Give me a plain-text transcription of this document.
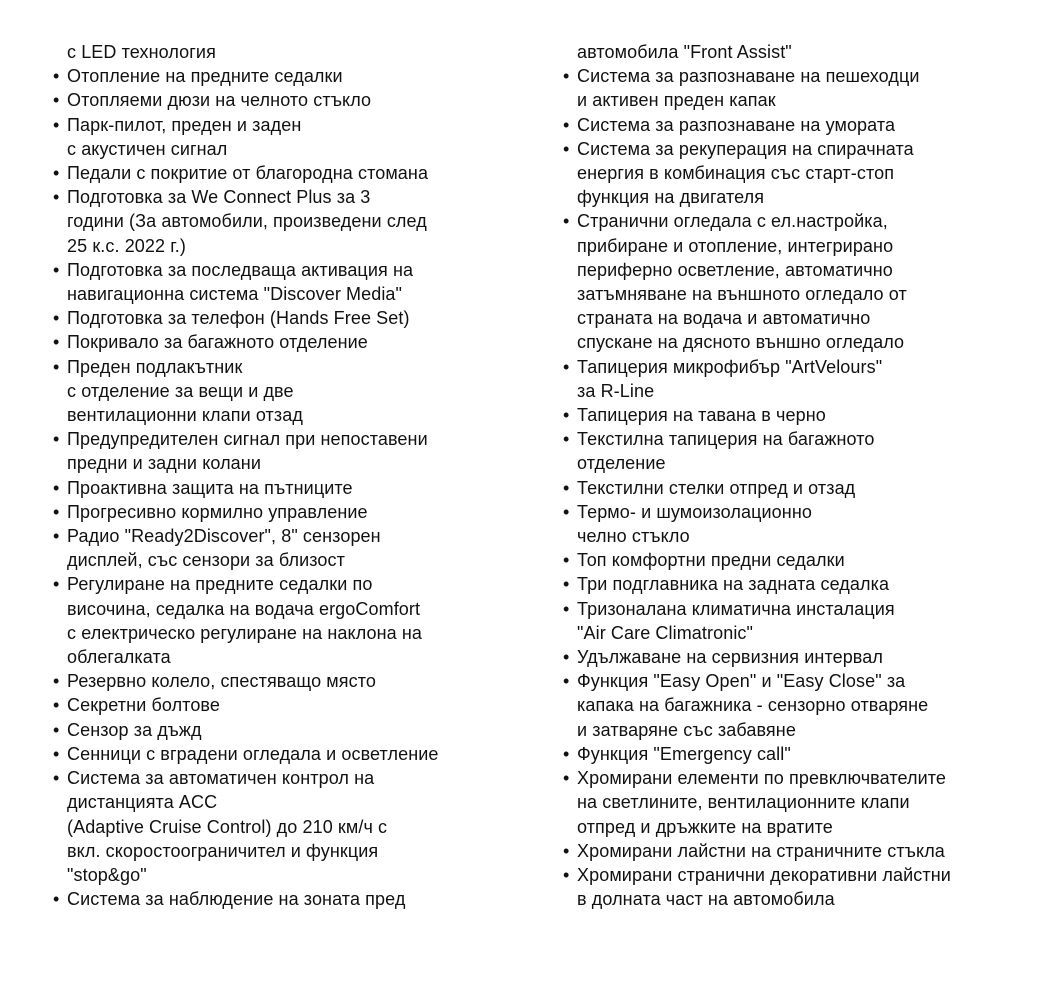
с LED технология
• Отопление на предните седалки
• Отопляеми дюзи на челното стъкло
• Парк-пилот, преден и заден
с акустичен сигнал
• Педали с покритие от благородна стомана
• Подготовка за We Connect Plus за 3
години (За автомобили, произведени след
25 к.с. 2022 г.)
• Подготовка за последваща активация на
навигационна система "Discover Media"
• Подготовка за телефон (Hands Free Set)
• Покривало за багажното отделение
• Преден подлакътник
с отделение за вещи и две
вентилационни клапи отзад
• Предупредителен сигнал при непоставени
предни и задни колани
• Проактивна защита на пътниците
• Прогресивно кормилно управление
• Радио "Ready2Discover", 8" сензорен
дисплей, със сензори за близост
• Регулиране на предните седалки по
височина, седалка на водача ergoComfort
с електрическо регулиране на наклона на
облегалката
• Резервно колело, спестяващо място
• Секретни болтове
• Сензор за дъжд
• Сенници с вградени огледала и осветление
• Система за автоматичен контрол на
дистанцията ACC
(Adaptive Cruise Control) до 210 км/ч с
вкл. скоростоограничител и функция
"stop&go"
• Система за наблюдение на зоната пред
автомобила "Front Assist"
• Система за разпознаване на пешеходци
и активен преден капак
• Система за разпознаване на умората
• Система за рекуперация на спирачната
енергия в комбинация със старт-стоп
функция на двигателя
• Странични огледала с ел.настройка,
прибиране и отопление, интегрирано
периферно осветление, автоматично
затъмняване на външното огледало от
страната на водача и автоматично
спускане на дясното външно огледало
• Тапицерия микрофибър "ArtVelours"
за R-Line
• Тапицерия на тавана в черно
• Текстилна тапицерия на багажното
отделение
• Текстилни стелки отпред и отзад
• Термо- и шумоизолационно
челно стъкло
• Топ комфортни предни седалки
• Три подглавника на задната седалка
• Тризоналана климатична инсталация
"Air Care Climatronic"
• Удължаване на сервизния интервал
• Функция "Easy Open" и "Easy Close" за
капака на багажника - сензорно отваряне
и затваряне със забавяне
• Функция "Emergency call"
• Хромирани елементи по превключвателите
на светлините, вентилационните клапи
отпред и дръжките на вратите
• Хромирани лайстни на страничните стъкла
• Хромирани странични декоративни лайстни
в долната част на автомобила
